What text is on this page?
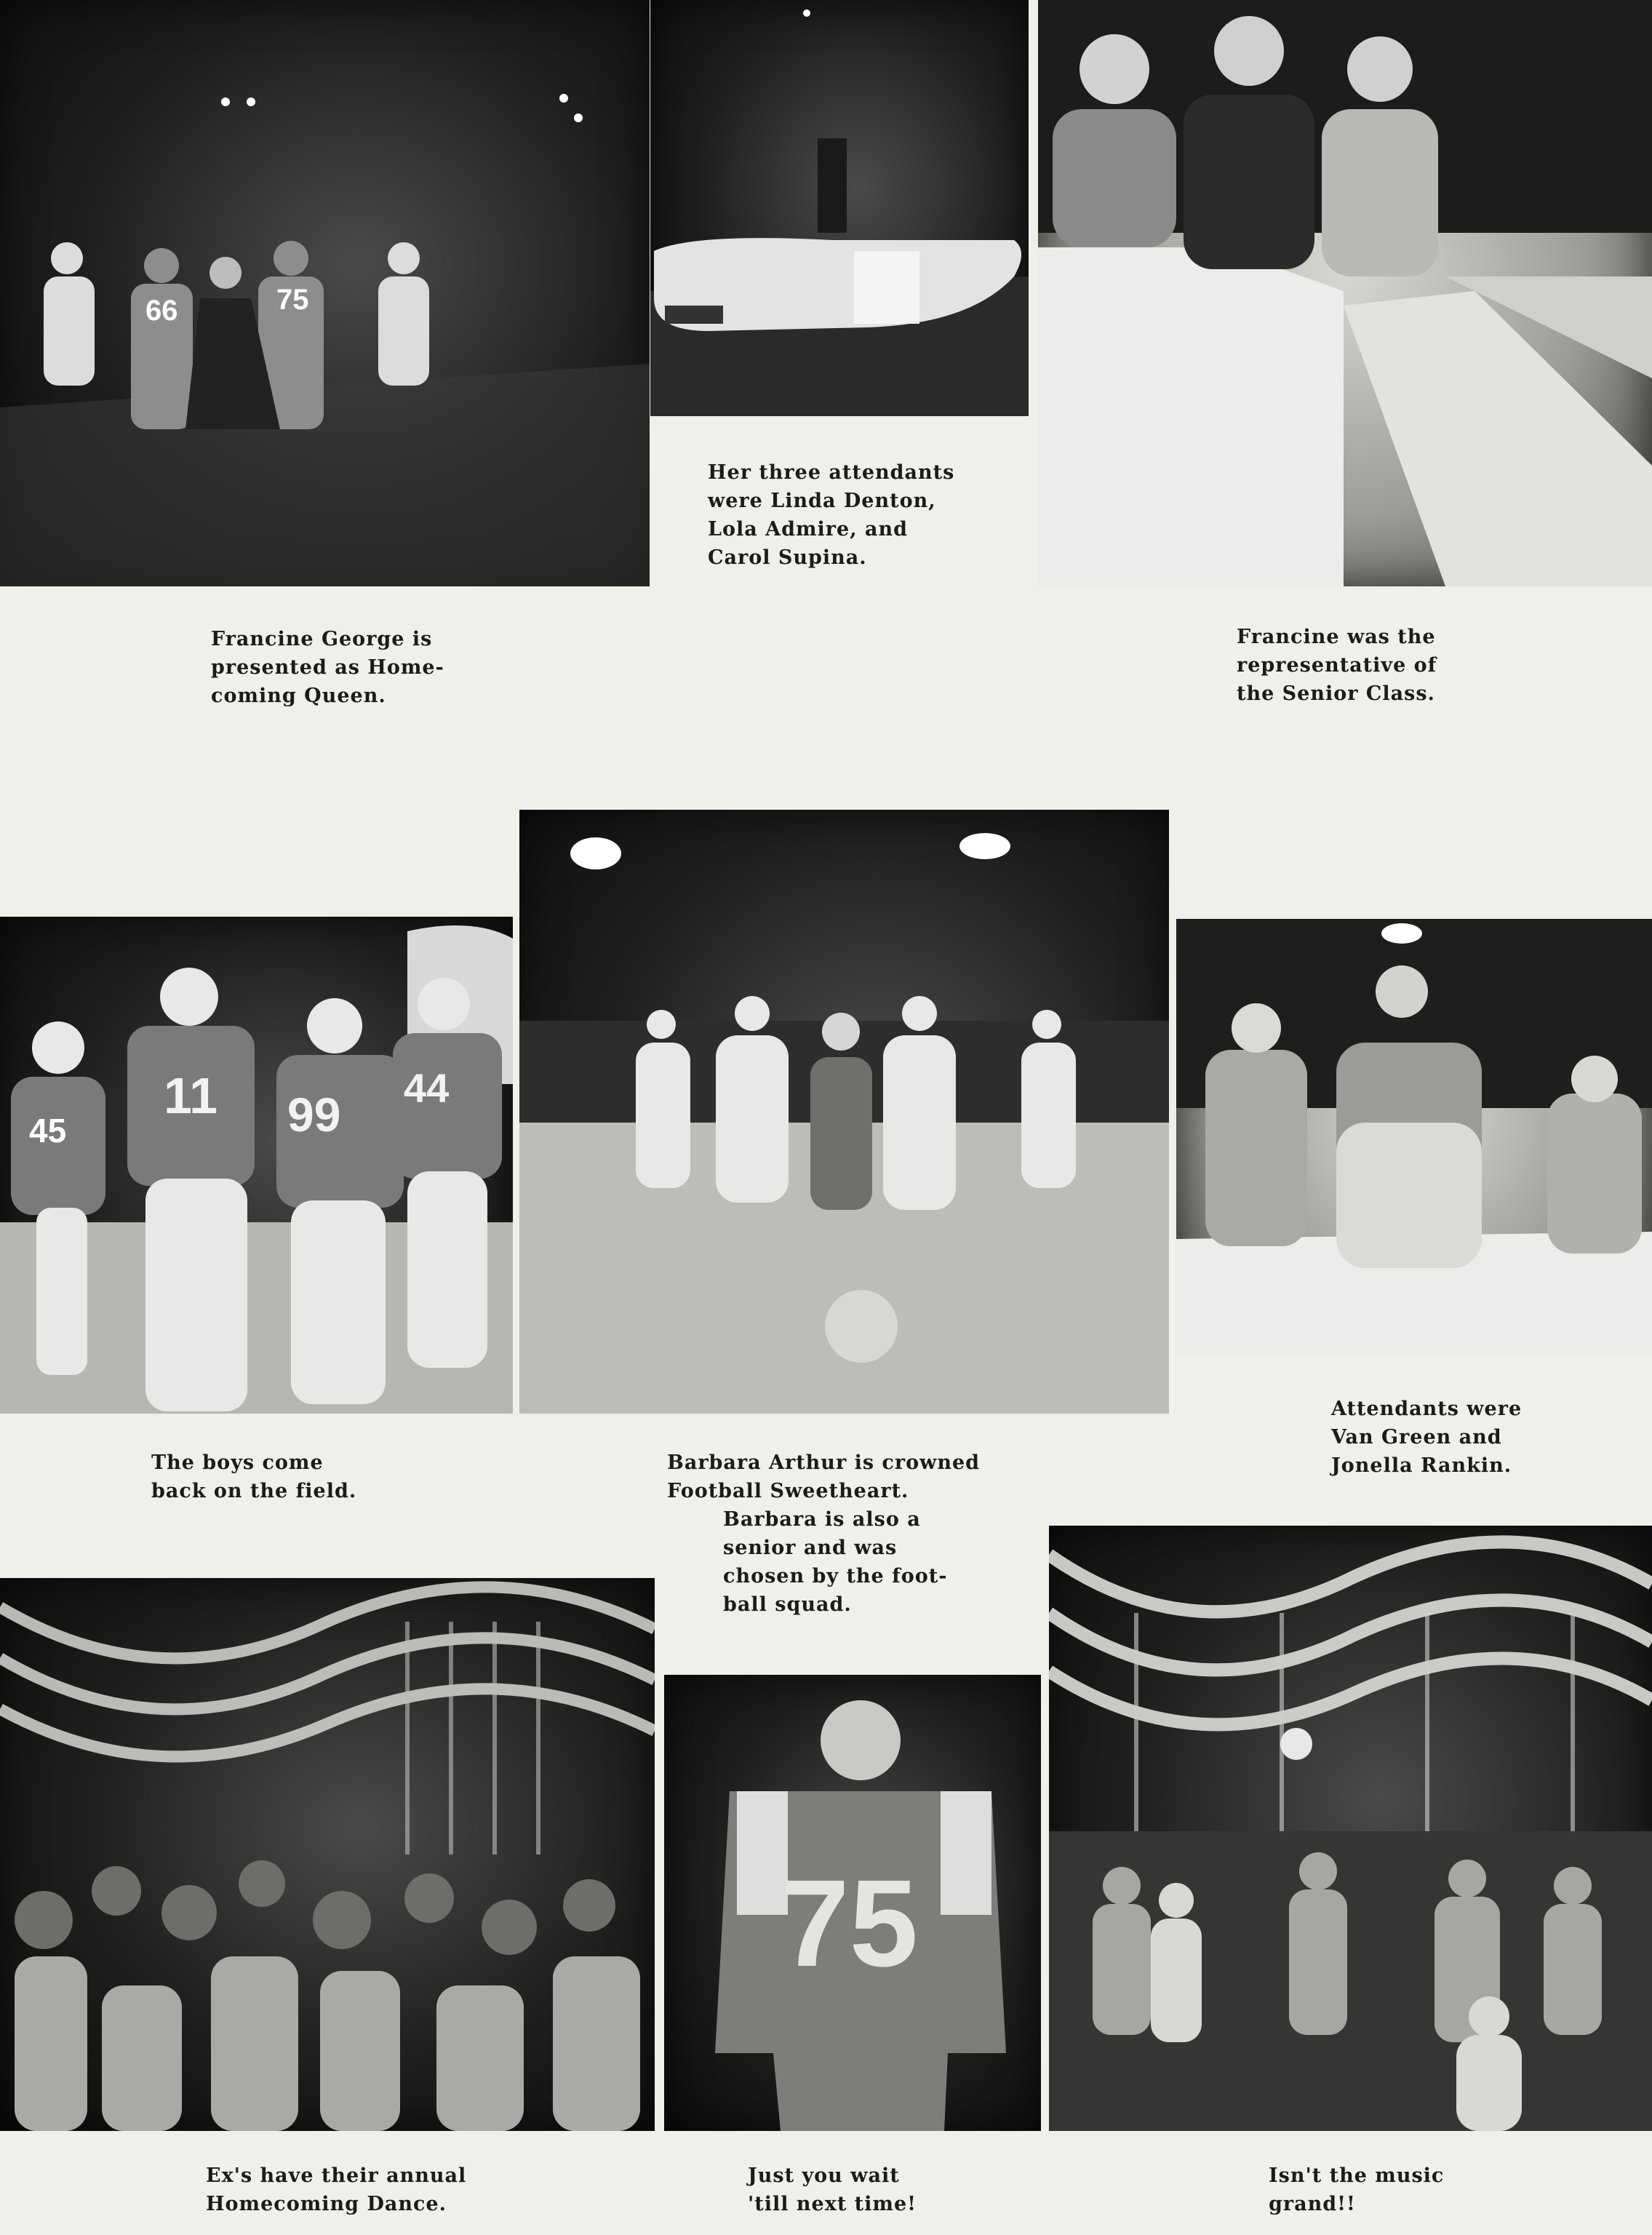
66	75

Her three attendants
were Linda Denton,
Lola Admire, and
Carol Supina.

Francine George is
presented as Home-
coming Queen.

Francine was the
representative of
the Senior Class.

45
11 99 44

The boys come
back on the field.

Barbara Arthur is crowned
Football Sweetheart.

Barbara is also a
senior and was
chosen by the foot-
ball squad.

Attendants were
Van Green and
Jonella Rankin.

75

Ex's have their annual
Homecoming Dance.

Just you wait
'till next time!

Isn't the music
grand!!
